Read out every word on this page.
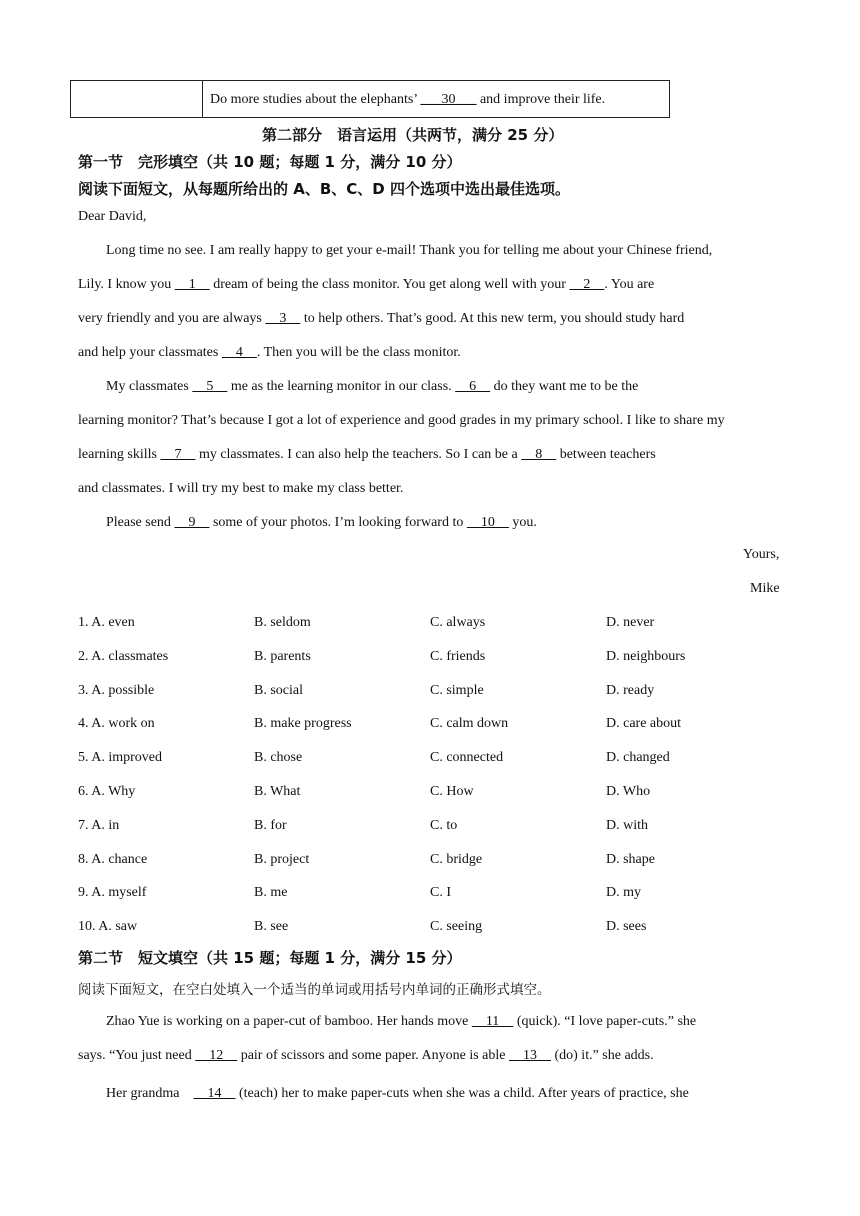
Do more studies about the elephants’ ___30___ and improve their life.
第二部分　语言运用（共两节，满分 25 分）
第一节　完形填空（共 10 题；每题 1 分，满分 10 分）
阅读下面短文，从每题所给出的 A、B、C、D 四个选项中选出最佳选项。
Dear David,
Long time no see. I am really happy to get your e-mail! Thank you for telling me about your Chinese friend,
Lily. I know you     1     dream of being the class monitor. You get along well with your     2    . You are
very friendly and you are always     3     to help others. That’s good. At this new term, you should study hard
and help your classmates     4    . Then you will be the class monitor.
My classmates     5     me as the learning monitor in our class.     6     do they want me to be the
learning monitor? That’s because I got a lot of experience and good grades in my primary school. I like to share my
learning skills     7     my classmates. I can also help the teachers. So I can be a     8     between teachers
and classmates. I will try my best to make my class better.
Please send     9     some of your photos. I’m looking forward to     10     you.
Yours,
Mike
1. A. even	B. seldom	C. always	D. never
2. A. classmates	B. parents	C. friends	D. neighbours
3. A. possible	B. social	C. simple	D. ready
4. A. work on	B. make progress	C. calm down	D. care about
5. A. improved	B. chose	C. connected	D. changed
6. A. Why	B. What	C. How	D. Who
7. A. in	B. for	C. to	D. with
8. A. chance	B. project	C. bridge	D. shape
9. A. myself	B. me	C. I	D. my
10. A. saw	B. see	C. seeing	D. sees
第二节　短文填空（共 15 题；每题 1 分，满分 15 分）
阅读下面短文，在空白处填入一个适当的单词或用括号内单词的正确形式填空。
Zhao Yue is working on a paper-cut of bamboo. Her hands move     11     (quick). “I love paper-cuts.” she
says. “You just need     12     pair of scissors and some paper. Anyone is able     13     (do) it.” she adds.
Her grandma　    14     (teach) her to make paper-cuts when she was a child. After years of practice, she
